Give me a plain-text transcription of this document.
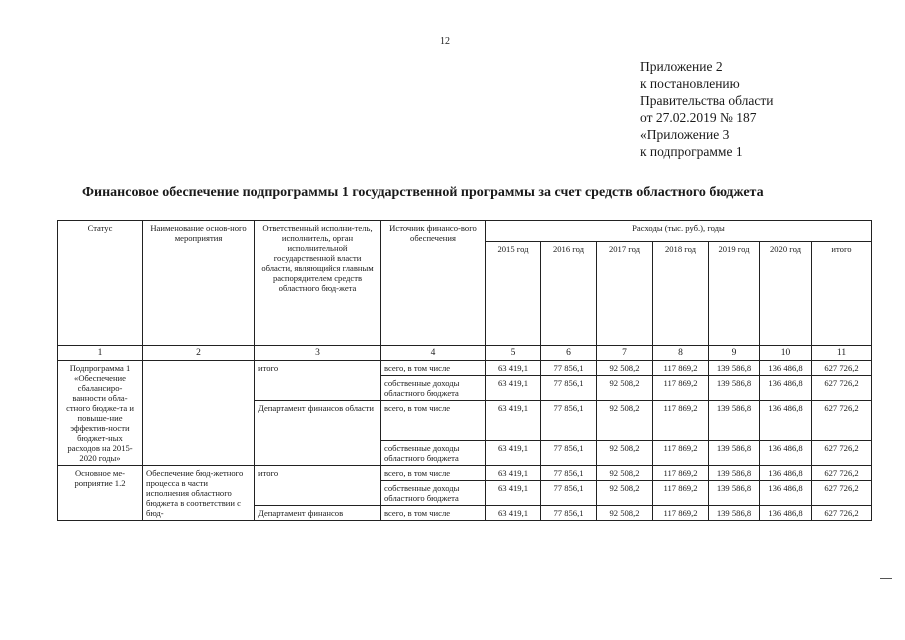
12
Приложение 2
к постановлению
Правительства области
от 27.02.2019 № 187
«Приложение 3
к подпрограмме 1
Финансовое обеспечение подпрограммы 1 государственной программы за счет средств областного бюджета
Статус	Наименование основ-ного мероприятия	Ответственный исполни-тель, исполнитель, орган исполнительной государственной власти области, являющийся главным распорядителем средств областного бюд-жета	Источник финансо-вого обеспечения	Расходы (тыс. руб.), годы						
				2015 год	2016 год	2017 год	2018 год	2019 год	2020 год	итого
1	2	3	4	5	6	7	8	9	10	11
Подпрограмма 1 «Обеспечение сбалансиро-ванности обла-стного бюдже-та и повыше-ние эффектив-ности бюджет-ных расходов на 2015-2020 годы»		итого	всего, в том числе	63 419,1	77 856,1	92 508,2	117 869,2	139 586,8	136 486,8	627 726,2
			собственные доходы областного бюджета	63 419,1	77 856,1	92 508,2	117 869,2	139 586,8	136 486,8	627 726,2
		Департамент финансов области	всего, в том числе	63 419,1	77 856,1	92 508,2	117 869,2	139 586,8	136 486,8	627 726,2
			собственные доходы областного бюджета	63 419,1	77 856,1	92 508,2	117 869,2	139 586,8	136 486,8	627 726,2
Основное ме-роприятие 1.2	Обеспечение бюд-жетного процесса в части исполнения областного бюджета в соответствии с бюд-	итого	всего, в том числе	63 419,1	77 856,1	92 508,2	117 869,2	139 586,8	136 486,8	627 726,2
			собственные доходы областного бюджета	63 419,1	77 856,1	92 508,2	117 869,2	139 586,8	136 486,8	627 726,2
		Департамент финансов	всего, в том числе	63 419,1	77 856,1	92 508,2	117 869,2	139 586,8	136 486,8	627 726,2
